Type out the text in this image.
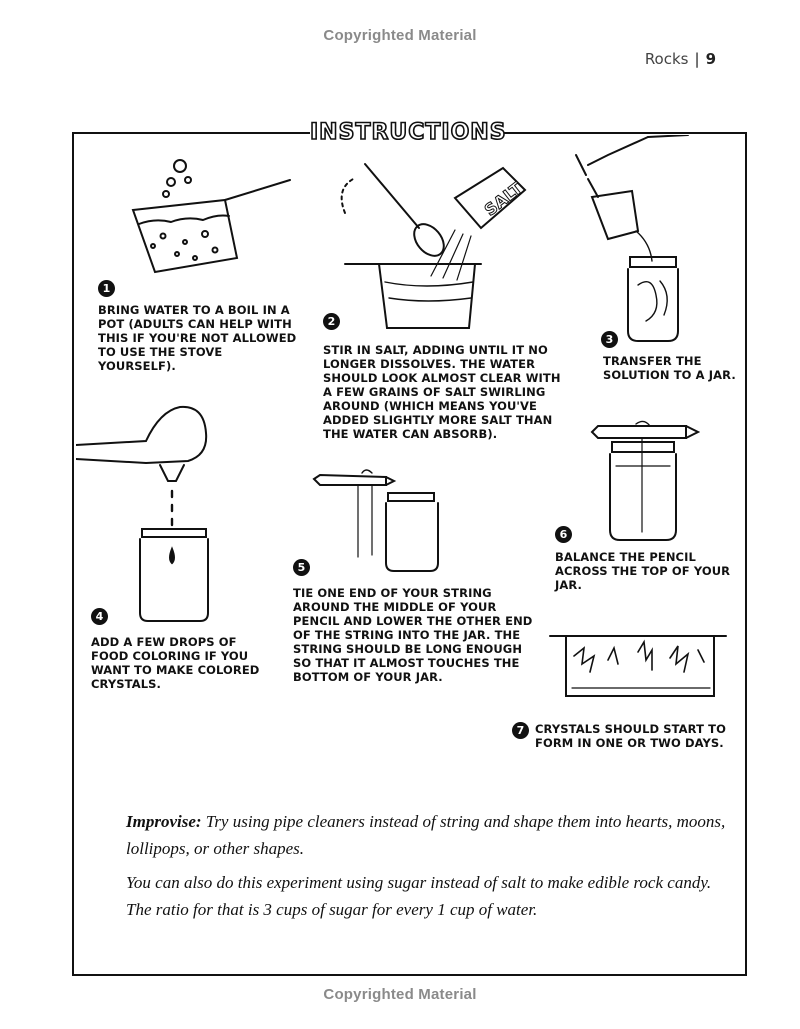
Copyrighted Material
Rocks | 9
INSTRUCTIONS
SALT
1
BRING WATER TO A BOIL IN A POT (ADULTS CAN HELP WITH THIS IF YOU'RE NOT ALLOWED TO USE THE STOVE YOURSELF).
2
STIR IN SALT, ADDING UNTIL IT NO LONGER DISSOLVES. THE WATER SHOULD LOOK ALMOST CLEAR WITH A FEW GRAINS OF SALT SWIRLING AROUND (WHICH MEANS YOU'VE ADDED SLIGHTLY MORE SALT THAN THE WATER CAN ABSORB).
3
TRANSFER THE SOLUTION TO A JAR.
4
ADD A FEW DROPS OF FOOD COLORING IF YOU WANT TO MAKE COLORED CRYSTALS.
5
TIE ONE END OF YOUR STRING AROUND THE MIDDLE OF YOUR PENCIL AND LOWER THE OTHER END OF THE STRING INTO THE JAR. THE STRING SHOULD BE LONG ENOUGH SO THAT IT ALMOST TOUCHES THE BOTTOM OF YOUR JAR.
6
BALANCE THE PENCIL ACROSS THE TOP OF YOUR JAR.
7 CRYSTALS SHOULD START TO FORM IN ONE OR TWO DAYS.
Improvise: Try using pipe cleaners instead of string and shape them into hearts, moons, lollipops, or other shapes.
You can also do this experiment using sugar instead of salt to make edible rock candy. The ratio for that is 3 cups of sugar for every 1 cup of water.
Copyrighted Material
